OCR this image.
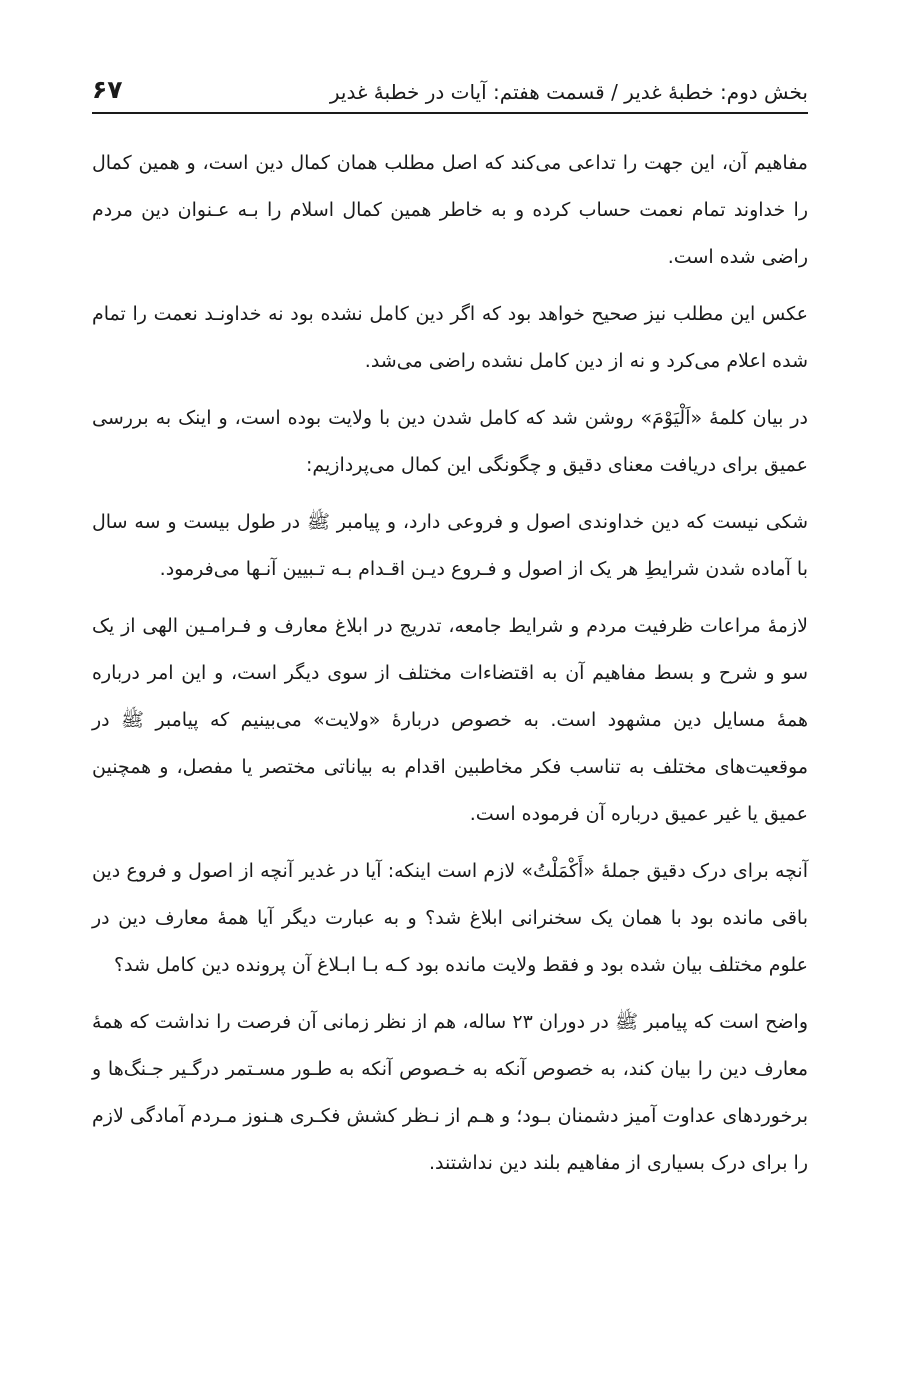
۶۷	بخش دوم: خطبهٔ غدیر / قسمت هفتم: آیات در خطبهٔ غدیر

مفاهیم آن، این جهت را تداعی می‌کند که اصل مطلب همان کمال دین است، و همین کمال را خداوند تمام نعمت حساب کرده و به خاطر همین کمال اسلام را بـه عـنوان دین مردم راضی شده است.

عکس این مطلب نیز صحیح خواهد بود که اگر دین کامل نشده بود نه خداونـد نعمت را تمام شده اعلام می‌کرد و نه از دین کامل نشده راضی می‌شد.

در بیان کلمهٔ «اَلْیَوْمَ» روشن شد که کامل شدن دین با ولایت بوده است، و اینک به بررسی عمیق برای دریافت معنای دقیق و چگونگی این کمال می‌پردازیم:

شکی نیست که دین خداوندی اصول و فروعی دارد، و پیامبر ﷺ در طول بیست و سه سال با آماده شدن شرایطِ هر یک از اصول و فـروع دیـن اقـدام بـه تـبیین آنـها می‌فرمود.

لازمهٔ مراعات ظرفیت مردم و شرایط جامعه، تدریج در ابلاغ معارف و فـرامـین الهی از یک سو و شرح و بسط مفاهیم آن به اقتضاءات مختلف از سوی دیگر است، و این امر درباره همهٔ مسایل دین مشهود است. به خصوص دربارهٔ «ولایت» می‌بینیم که پیامبر ﷺ در موقعیت‌های مختلف به تناسب فکر مخاطبین اقدام به بیاناتی مختصر یا مفصل، و همچنین عمیق یا غیر عمیق درباره آن فرموده است.

آنچه برای درک دقیق جملهٔ «أَکْمَلْتُ» لازم است اینکه: آیا در غدیر آنچه از اصول و فروع دین باقی مانده بود با همان یک سخنرانی ابلاغ شد؟ و به عبارت دیگر آیا همهٔ معارف دین در علوم مختلف بیان شده بود و فقط ولایت مانده بود کـه بـا ابـلاغ آن پرونده دین کامل شد؟

واضح است که پیامبر ﷺ در دوران ۲۳ ساله، هم از نظر زمانی آن فرصت را نداشت که همهٔ معارف دین را بیان کند، به خصوص آنکه به خـصوص آنکه به طـور مسـتمر درگـیر جـنگ‌ها و برخوردهای عداوت آمیز دشمنان بـود؛ و هـم از نـظر کشش فکـری هـنوز مـردم آمادگی لازم را برای درک بسیاری از مفاهیم بلند دین نداشتند.
